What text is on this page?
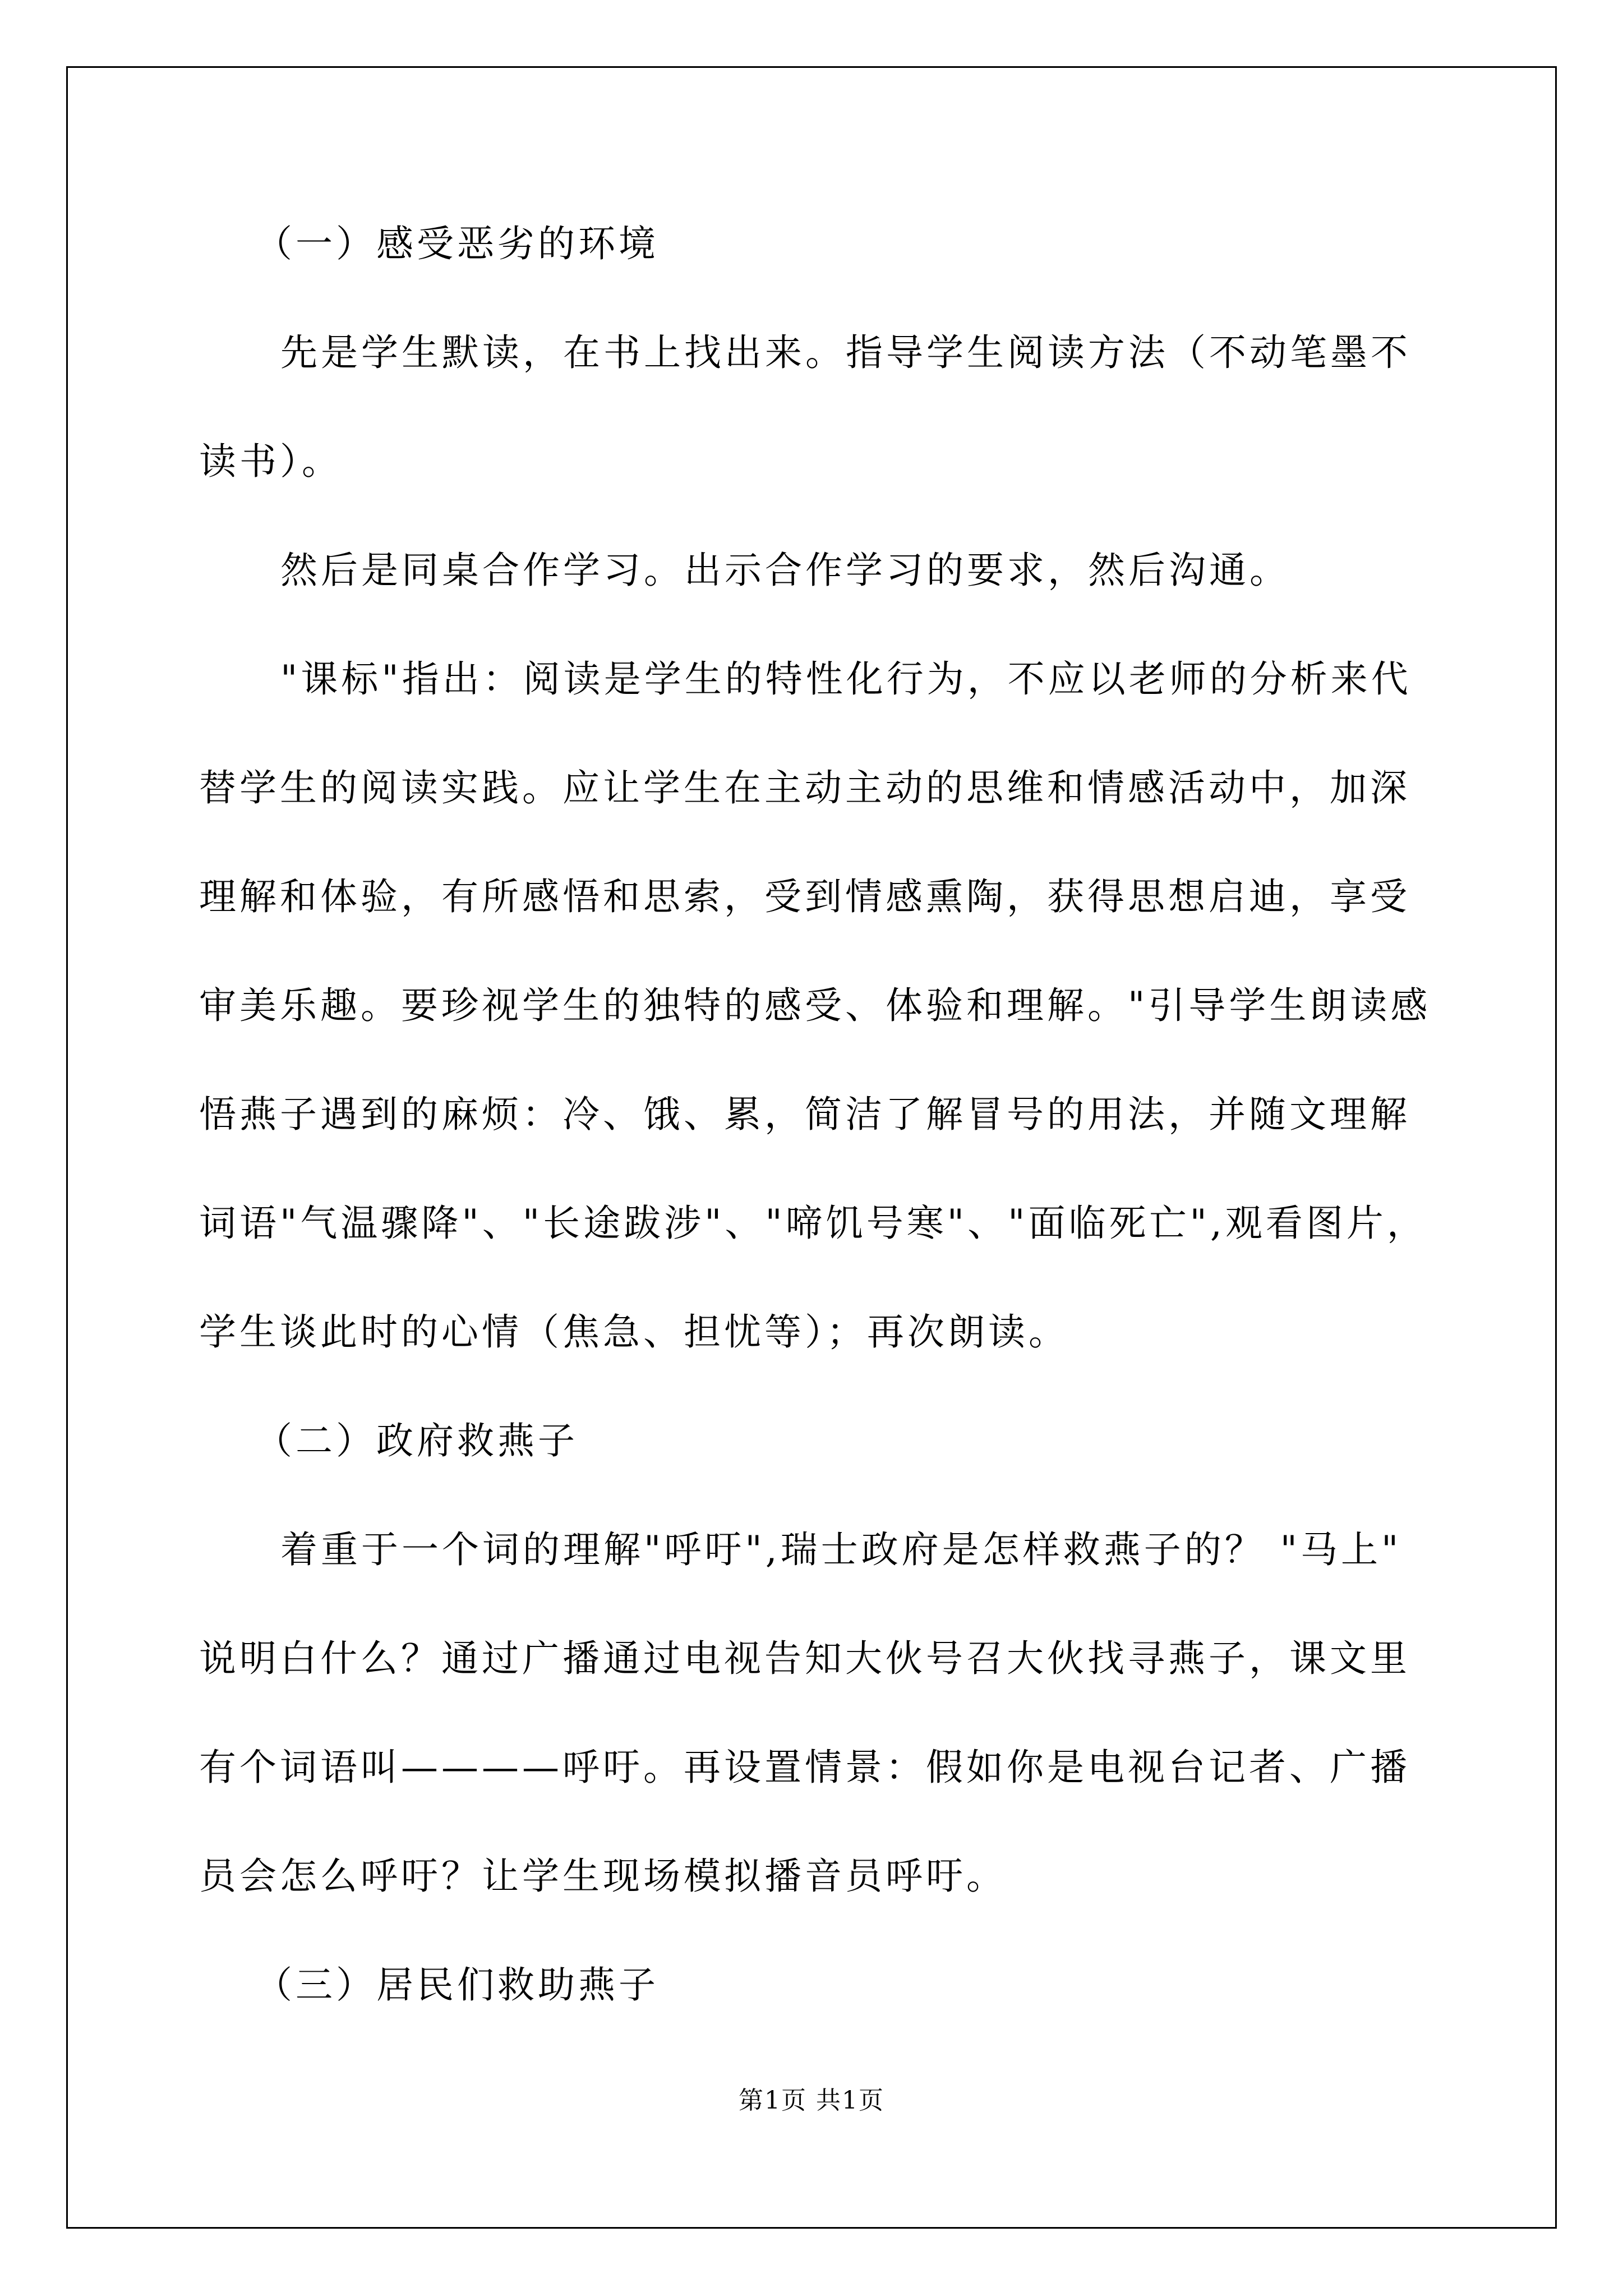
（一）感受恶劣的环境
先是学生默读，在书上找出来。指导学生阅读方法（不动笔墨不
读书）。
然后是同桌合作学习。出示合作学习的要求，然后沟通。
"课标"指出：阅读是学生的特性化行为，不应以老师的分析来代
替学生的阅读实践。应让学生在主动主动的思维和情感活动中，加深
理解和体验，有所感悟和思索，受到情感熏陶，获得思想启迪，享受
审美乐趣。要珍视学生的独特的感受、体验和理解。"引导学生朗读感
悟燕子遇到的麻烦：冷、饿、累，简洁了解冒号的用法，并随文理解
词语"气温骤降"、"长途跋涉"、"啼饥号寒"、"面临死亡",观看图片，
学生谈此时的心情（焦急、担忧等）；再次朗读。
（二）政府救燕子
着重于一个词的理解"呼吁",瑞士政府是怎样救燕子的？ "马上"
说明白什么？通过广播通过电视告知大伙号召大伙找寻燕子，课文里
有个词语叫————呼吁。再设置情景：假如你是电视台记者、广播
员会怎么呼吁？让学生现场模拟播音员呼吁。
（三）居民们救助燕子
第1页 共1页
